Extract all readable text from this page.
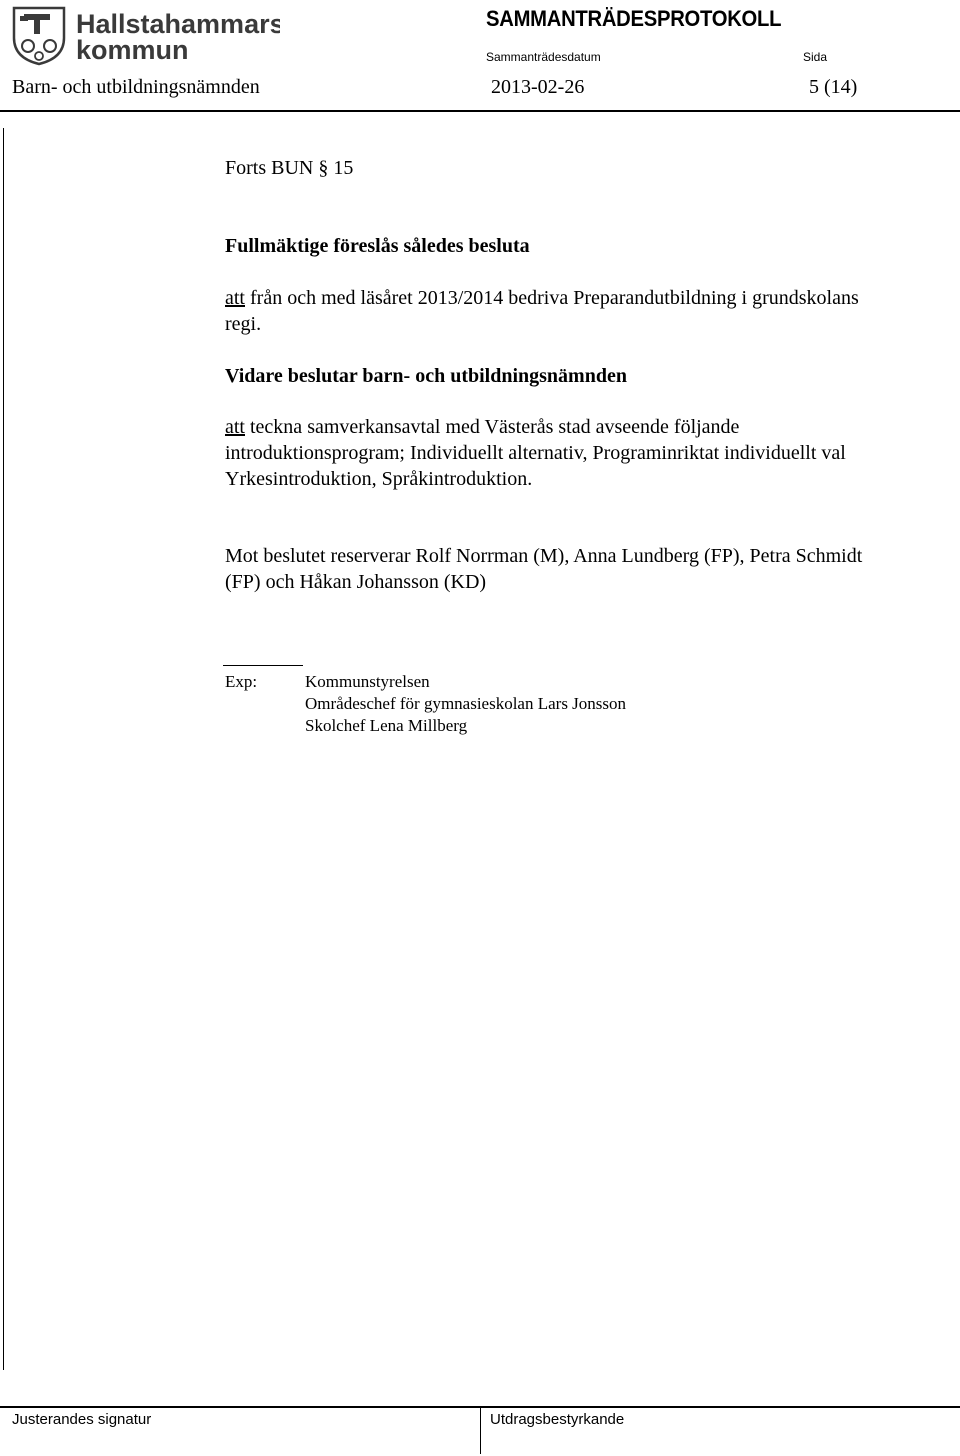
Hallstahammars
kommun
SAMMANTRÄDESPROTOKOLL
Sammanträdesdatum	Sida
Barn- och utbildningsnämnden	2013-02-26	5 (14)
Forts BUN § 15
Fullmäktige föreslås således besluta
att från och med läsåret 2013/2014 bedriva Preparandutbildning i grundskolans
regi.
Vidare beslutar barn- och utbildningsnämnden
att teckna samverkansavtal med Västerås stad avseende följande
introduktionsprogram; Individuellt alternativ, Programinriktat individuellt val
Yrkesintroduktion, Språkintroduktion.
Mot beslutet reserverar Rolf Norrman (M), Anna Lundberg (FP), Petra Schmidt
(FP) och Håkan Johansson (KD)
Exp:	Kommunstyrelsen
Områdeschef för gymnasieskolan Lars Jonsson
Skolchef Lena Millberg
Justerandes signatur	Utdragsbestyrkande
